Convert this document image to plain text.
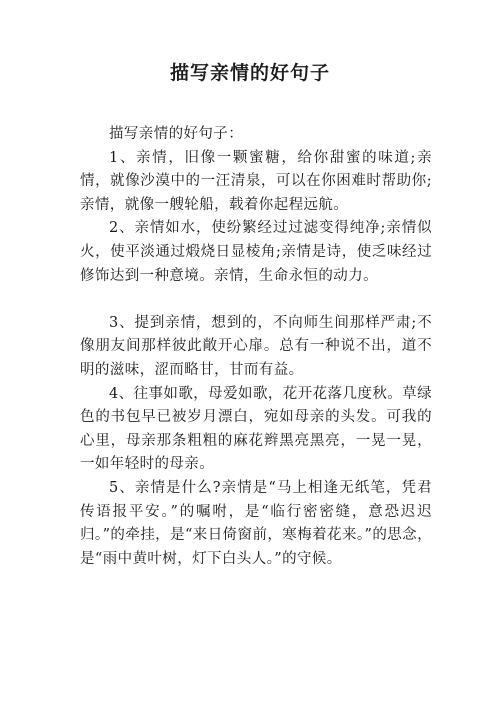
描写亲情的好句子

描写亲情的好句子：

1、亲情，旧像一颗蜜糖，给你甜蜜的味道;亲情，就像沙漠中的一汪清泉，可以在你困难时帮助你;亲情，就像一艘轮船，载着你起程远航。

2、亲情如水，使纷繁经过过滤变得纯净;亲情似火，使平淡通过煅烧日显棱角;亲情是诗，使乏味经过修饰达到一种意境。亲情，生命永恒的动力。

3、提到亲情，想到的，不向师生间那样严肃;不像朋友间那样彼此敞开心扉。总有一种说不出，道不明的滋味，涩而略甘，甘而有益。

4、往事如歌，母爱如歌，花开花落几度秋。草绿色的书包早已被岁月漂白，宛如母亲的头发。可我的心里，母亲那条粗粗的麻花辫黑亮黑亮，一晃一晃，一如年轻时的母亲。

5、亲情是什么?亲情是“马上相逢无纸笔，凭君传语报平安。”的嘱咐，是“临行密密缝，意恐迟迟归。”的牵挂，是“来日倚窗前，寒梅着花来。”的思念，是“雨中黄叶树，灯下白头人。”的守候。
